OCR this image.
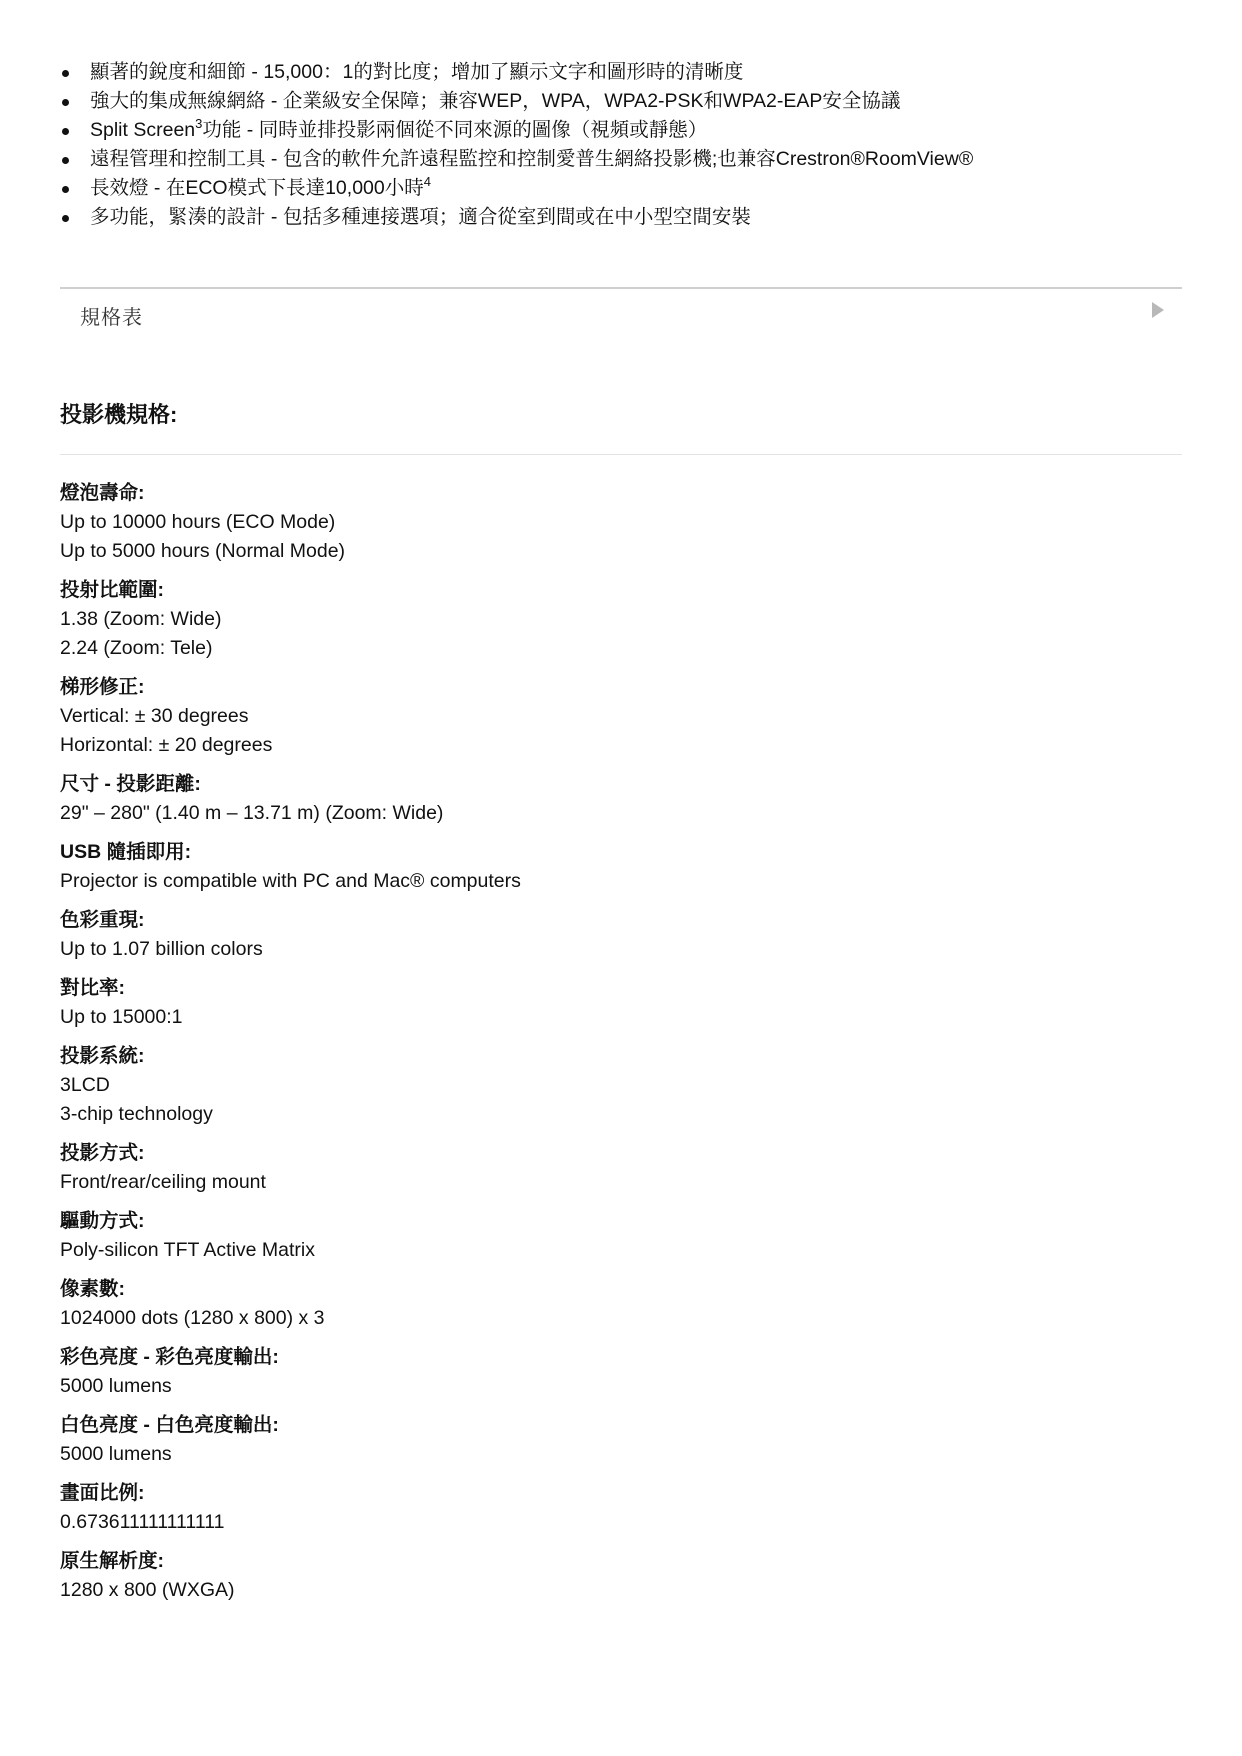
顯著的銳度和細節 - 15,000：1的對比度；增加了顯示文字和圖形時的清晰度
強大的集成無線網絡 - 企業級安全保障；兼容WEP，WPA，WPA2-PSK和WPA2-EAP安全協議
Split Screen$^3$功能 - 同時並排投影兩個從不同來源的圖像（視頻或靜態）
遠程管理和控制工具 - 包含的軟件允許遠程監控和控制愛普生網絡投影機;也兼容Crestron®RoomView®
長效燈 - 在ECO模式下長達10,000小時$^4$
多功能，緊湊的設計 - 包括多種連接選項；適合從室到間或在中小型空間安裝
規格表
投影機規格:
燈泡壽命:
Up to 10000 hours (ECO Mode)
Up to 5000 hours (Normal Mode)
投射比範圍:
1.38 (Zoom: Wide)
2.24 (Zoom: Tele)
梯形修正:
Vertical: ± 30 degrees
Horizontal: ± 20 degrees
尺寸 - 投影距離:
29" – 280" (1.40 m – 13.71 m) (Zoom: Wide)
USB 隨插即用:
Projector is compatible with PC and Mac® computers
色彩重現:
Up to 1.07 billion colors
對比率:
Up to 15000:1
投影系統:
3LCD
3-chip technology
投影方式:
Front/rear/ceiling mount
驅動方式:
Poly-silicon TFT Active Matrix
像素數:
1024000 dots (1280 x 800) x 3
彩色亮度 - 彩色亮度輸出:
5000 lumens
白色亮度 - 白色亮度輸出:
5000 lumens
畫面比例:
0.673611111111111
原生解析度:
1280 x 800 (WXGA)
